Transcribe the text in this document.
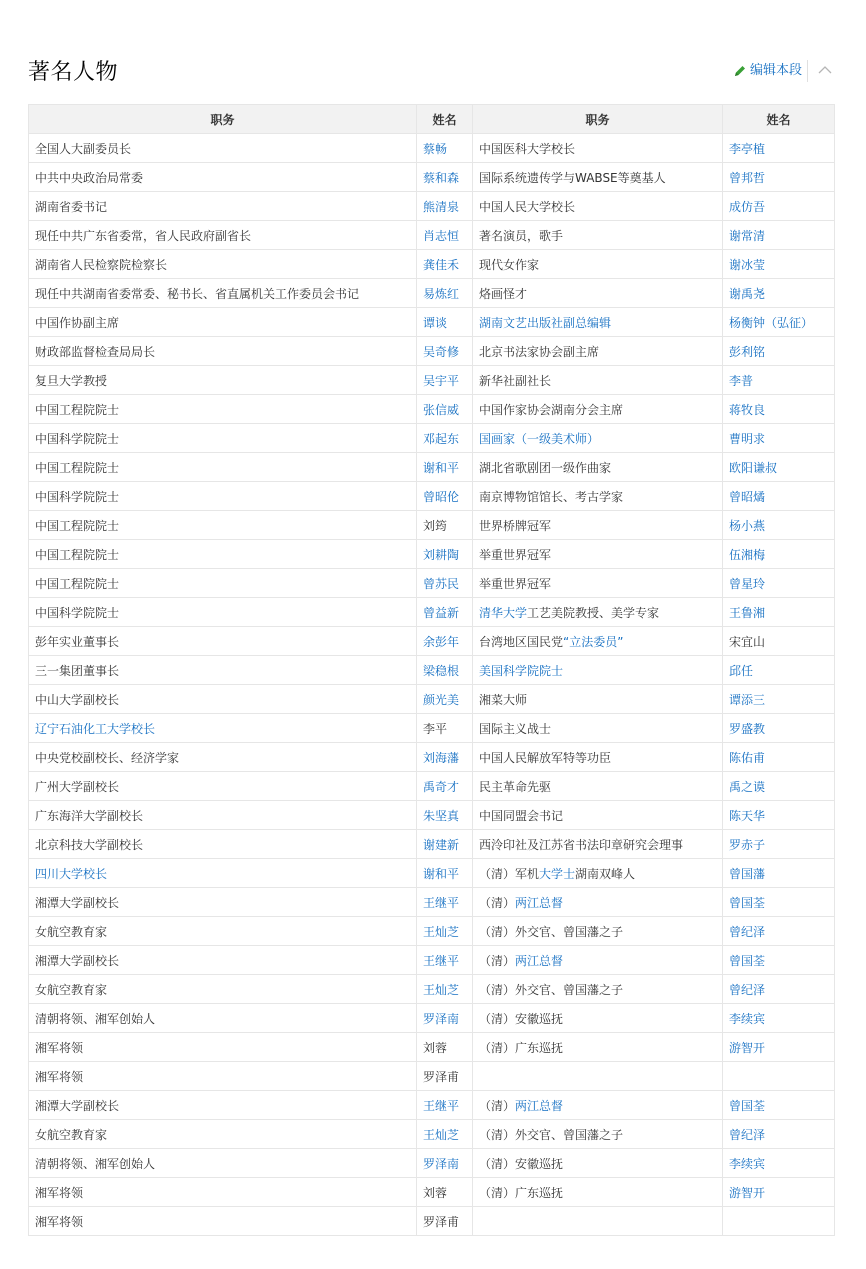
著名人物	编辑本段
职务	姓名	职务	姓名
全国人大副委员长	蔡畅	中国医科大学校长	李亭植
中共中央政治局常委	蔡和森	国际系统遗传学与WABSE等奠基人	曾邦哲
湖南省委书记	熊清泉	中国人民大学校长	成仿吾
现任中共广东省委常，省人民政府副省长	肖志恒	著名演员，歌手	谢常清
湖南省人民检察院检察长	龚佳禾	现代女作家	谢冰莹
现任中共湖南省委常委、秘书长、省直属机关工作委员会书记	易炼红	烙画怪才	谢禹尧
中国作协副主席	谭谈	湖南文艺出版社副总编辑	杨衡钟（弘征）
财政部监督检查局局长	吴奇修	北京书法家协会副主席	彭利铭
复旦大学教授	吴宇平	新华社副社长	李普
中国工程院院士	张信威	中国作家协会湖南分会主席	蒋牧良
中国科学院院士	邓起东	国画家（一级美术师）	曹明求
中国工程院院士	谢和平	湖北省歌剧团一级作曲家	欧阳谦叔
中国科学院院士	曾昭伦	南京博物馆馆长、考古学家	曾昭燏
中国工程院院士	刘筠	世界桥牌冠军	杨小燕
中国工程院院士	刘耕陶	举重世界冠军	伍湘梅
中国工程院院士	曾苏民	举重世界冠军	曾星玲
中国科学院院士	曾益新	清华大学工艺美院教授、美学专家	王鲁湘
彭年实业董事长	余彭年	台湾地区国民党“立法委员”	宋宜山
三一集团董事长	梁稳根	美国科学院院士	邱任
中山大学副校长	颜光美	湘菜大师	谭添三
辽宁石油化工大学校长	李平	国际主义战士	罗盛教
中央党校副校长、经济学家	刘海藩	中国人民解放军特等功臣	陈佑甫
广州大学副校长	禹奇才	民主革命先驱	禹之谟
广东海洋大学副校长	朱坚真	中国同盟会书记	陈天华
北京科技大学副校长	谢建新	西泠印社及江苏省书法印章研究会理事	罗赤子
四川大学校长	谢和平	（清）军机大学士湖南双峰人	曾国藩
湘潭大学副校长	王继平	（清）两江总督	曾国荃
女航空教育家	王灿芝	（清）外交官、曾国藩之子	曾纪泽
湘潭大学副校长	王继平	（清）两江总督	曾国荃
女航空教育家	王灿芝	（清）外交官、曾国藩之子	曾纪泽
清朝将领、湘军创始人	罗泽南	（清）安徽巡抚	李续宾
湘军将领	刘蓉	（清）广东巡抚	游智开
湘军将领	罗泽甫		
湘潭大学副校长	王继平	（清）两江总督	曾国荃
女航空教育家	王灿芝	（清）外交官、曾国藩之子	曾纪泽
清朝将领、湘军创始人	罗泽南	（清）安徽巡抚	李续宾
湘军将领	刘蓉	（清）广东巡抚	游智开
湘军将领	罗泽甫		
